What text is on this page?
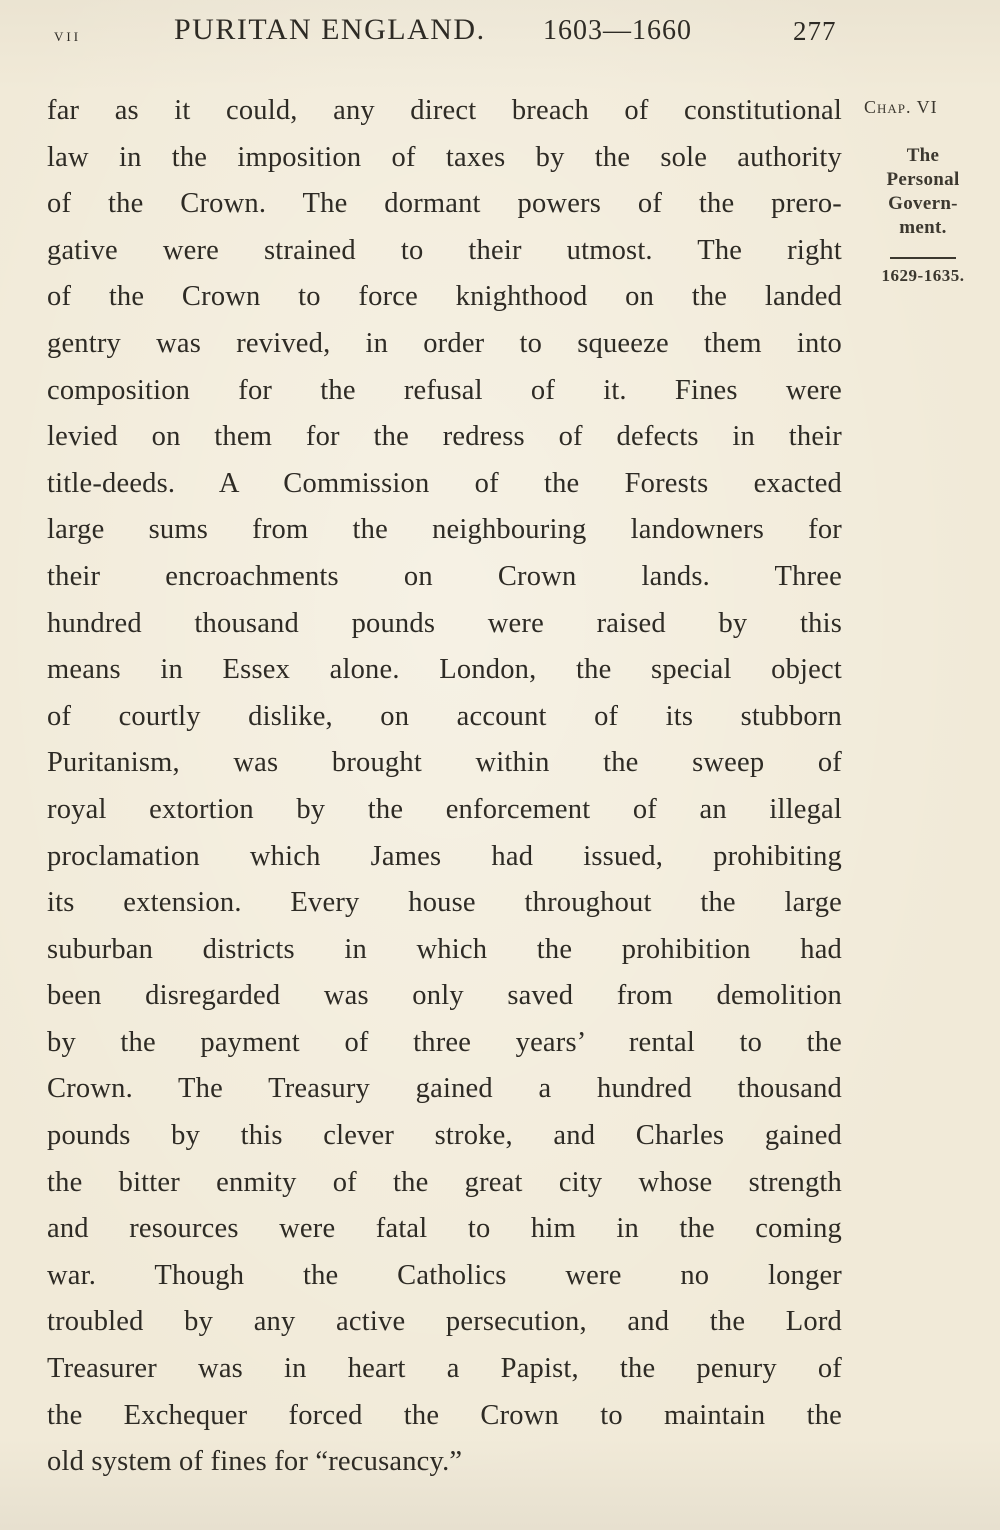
vii	PURITAN ENGLAND. 1603—1660	277
far as it could, any direct breach of constitutional
law in the imposition of taxes by the sole authority
of the Crown. The dormant powers of the prero-
gative were strained to their utmost. The right
of the Crown to force knighthood on the landed
gentry was revived, in order to squeeze them into
composition for the refusal of it. Fines were
levied on them for the redress of defects in their
title-deeds. A Commission of the Forests exacted
large sums from the neighbouring landowners for
their encroachments on Crown lands. Three
hundred thousand pounds were raised by this
means in Essex alone. London, the special object
of courtly dislike, on account of its stubborn
Puritanism, was brought within the sweep of
royal extortion by the enforcement of an illegal
proclamation which James had issued, prohibiting
its extension. Every house throughout the large
suburban districts in which the prohibition had
been disregarded was only saved from demolition
by the payment of three years’ rental to the
Crown. The Treasury gained a hundred thousand
pounds by this clever stroke, and Charles gained
the bitter enmity of the great city whose strength
and resources were fatal to him in the coming
war. Though the Catholics were no longer
troubled by any active persecution, and the Lord
Treasurer was in heart a Papist, the penury of
the Exchequer forced the Crown to maintain the
old system of fines for “recusancy.”
Chap. VI
The
Personal
Govern-
ment.
1629-1635.
